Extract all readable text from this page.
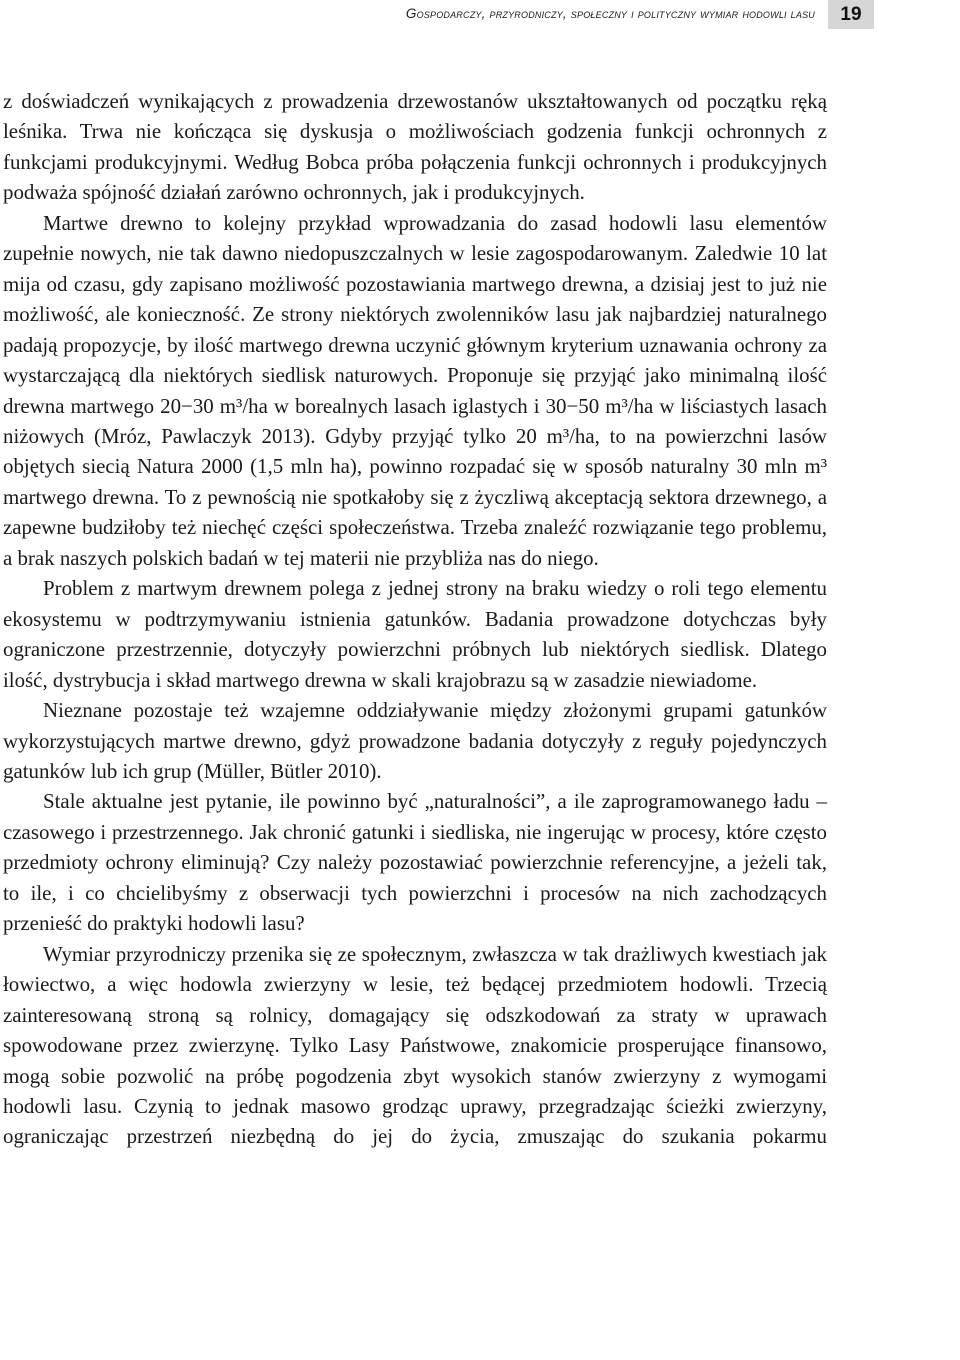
Gospodarczy, przyrodniczy, społeczny i polityczny wymiar hodowli lasu	19

z doświadczeń wynikających z prowadzenia drzewostanów ukształtowanych od początku ręką leśnika. Trwa nie kończąca się dyskusja o możliwościach godzenia funkcji ochronnych z funkcjami produkcyjnymi. Według Bobca próba połączenia funkcji ochronnych i produkcyjnych podważa spójność działań zarówno ochronnych, jak i produkcyjnych.

Martwe drewno to kolejny przykład wprowadzania do zasad hodowli lasu elementów zupełnie nowych, nie tak dawno niedopuszczalnych w lesie zagospodarowanym. Zaledwie 10 lat mija od czasu, gdy zapisano możliwość pozostawiania martwego drewna, a dzisiaj jest to już nie możliwość, ale konieczność. Ze strony niektórych zwolenników lasu jak najbardziej naturalnego padają propozycje, by ilość martwego drewna uczynić głównym kryterium uznawania ochrony za wystarczającą dla niektórych siedlisk naturowych. Proponuje się przyjąć jako minimalną ilość drewna martwego 20−30 m³/ha w borealnych lasach iglastych i 30−50 m³/ha w liściastych lasach niżowych (Mróz, Pawlaczyk 2013). Gdyby przyjąć tylko 20 m³/ha, to na powierzchni lasów objętych siecią Natura 2000 (1,5 mln ha), powinno rozpadać się w sposób naturalny 30 mln m³ martwego drewna. To z pewnością nie spotkałoby się z życzliwą akceptacją sektora drzewnego, a zapewne budziłoby też niechęć części społeczeństwa. Trzeba znaleźć rozwiązanie tego problemu, a brak naszych polskich badań w tej materii nie przybliża nas do niego.

Problem z martwym drewnem polega z jednej strony na braku wiedzy o roli tego elementu ekosystemu w podtrzymywaniu istnienia gatunków. Badania prowadzone dotychczas były ograniczone przestrzennie, dotyczyły powierzchni próbnych lub niektórych siedlisk. Dlatego ilość, dystrybucja i skład martwego drewna w skali krajobrazu są w zasadzie niewiadome.

Nieznane pozostaje też wzajemne oddziaływanie między złożonymi grupami gatunków wykorzystujących martwe drewno, gdyż prowadzone badania dotyczyły z reguły pojedynczych gatunków lub ich grup (Müller, Bütler 2010).

Stale aktualne jest pytanie, ile powinno być „naturalności”, a ile zaprogramowanego ładu – czasowego i przestrzennego. Jak chronić gatunki i siedliska, nie ingerując w procesy, które często przedmioty ochrony eliminują? Czy należy pozostawiać powierzchnie referencyjne, a jeżeli tak, to ile, i co chcielibyśmy z obserwacji tych powierzchni i procesów na nich zachodzących przenieść do praktyki hodowli lasu?

Wymiar przyrodniczy przenika się ze społecznym, zwłaszcza w tak drażliwych kwestiach jak łowiectwo, a więc hodowla zwierzyny w lesie, też będącej przedmiotem hodowli. Trzecią zainteresowaną stroną są rolnicy, domagający się odszkodowań za straty w uprawach spowodowane przez zwierzynę. Tylko Lasy Państwowe, znakomicie prosperujące finansowo, mogą sobie pozwolić na próbę pogodzenia zbyt wysokich stanów zwierzyny z wymogami hodowli lasu. Czynią to jednak masowo grodząc uprawy, przegradzając ścieżki zwierzyny, ograniczając przestrzeń niezbędną do jej do życia, zmuszając do szukania pokarmu
